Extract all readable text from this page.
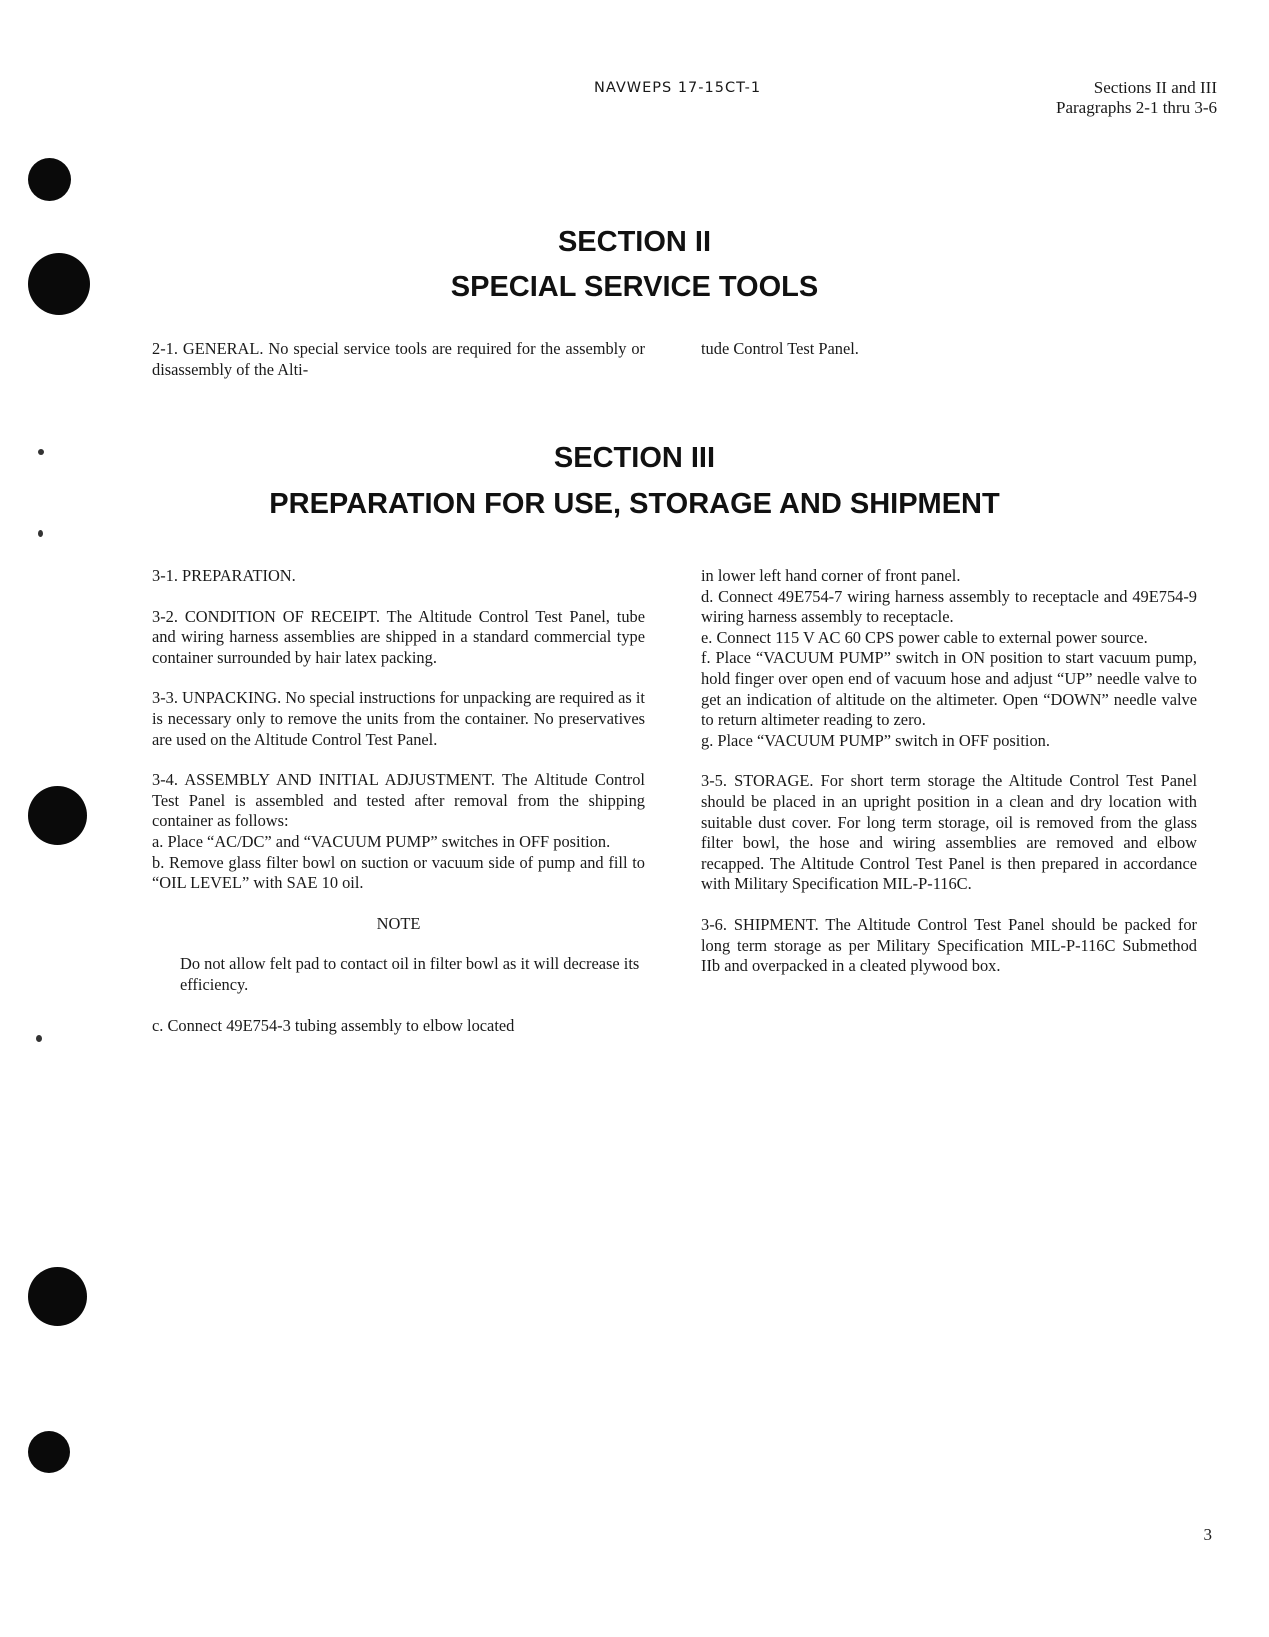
NAVWEPS 17-15CT-1	Sections II and III
Paragraphs 2-1 thru 3-6
SECTION II
SPECIAL SERVICE TOOLS

2-1. GENERAL. No special service tools are required for the assembly or disassembly of the Alti-

tude Control Test Panel.

SECTION III
PREPARATION FOR USE, STORAGE AND SHIPMENT

3-1. PREPARATION.

3-2. CONDITION OF RECEIPT. The Altitude Control Test Panel, tube and wiring harness assemblies are shipped in a standard commercial type container surrounded by hair latex packing.

3-3. UNPACKING. No special instructions for unpacking are required as it is necessary only to remove the units from the container. No preservatives are used on the Altitude Control Test Panel.

3-4. ASSEMBLY AND INITIAL ADJUSTMENT. The Altitude Control Test Panel is assembled and tested after removal from the shipping container as follows:

a. Place “AC/DC” and “VACUUM PUMP” switches in OFF position.

b. Remove glass filter bowl on suction or vacuum side of pump and fill to “OIL LEVEL” with SAE 10 oil.

NOTE

Do not allow felt pad to contact oil in filter bowl as it will decrease its efficiency.

c. Connect 49E754-3 tubing assembly to elbow located

in lower left hand corner of front panel.

d. Connect 49E754-7 wiring harness assembly to receptacle and 49E754-9 wiring harness assembly to receptacle.

e. Connect 115 V AC 60 CPS power cable to external power source.

f. Place “VACUUM PUMP” switch in ON position to start vacuum pump, hold finger over open end of vacuum hose and adjust “UP” needle valve to get an indication of altitude on the altimeter. Open “DOWN” needle valve to return altimeter reading to zero.

g. Place “VACUUM PUMP” switch in OFF position.

3-5. STORAGE. For short term storage the Altitude Control Test Panel should be placed in an upright position in a clean and dry location with suitable dust cover. For long term storage, oil is removed from the glass filter bowl, the hose and wiring assemblies are removed and elbow recapped. The Altitude Control Test Panel is then prepared in accordance with Military Specification MIL-P-116C.

3-6. SHIPMENT. The Altitude Control Test Panel should be packed for long term storage as per Military Specification MIL-P-116C Submethod IIb and overpacked in a cleated plywood box.

3
